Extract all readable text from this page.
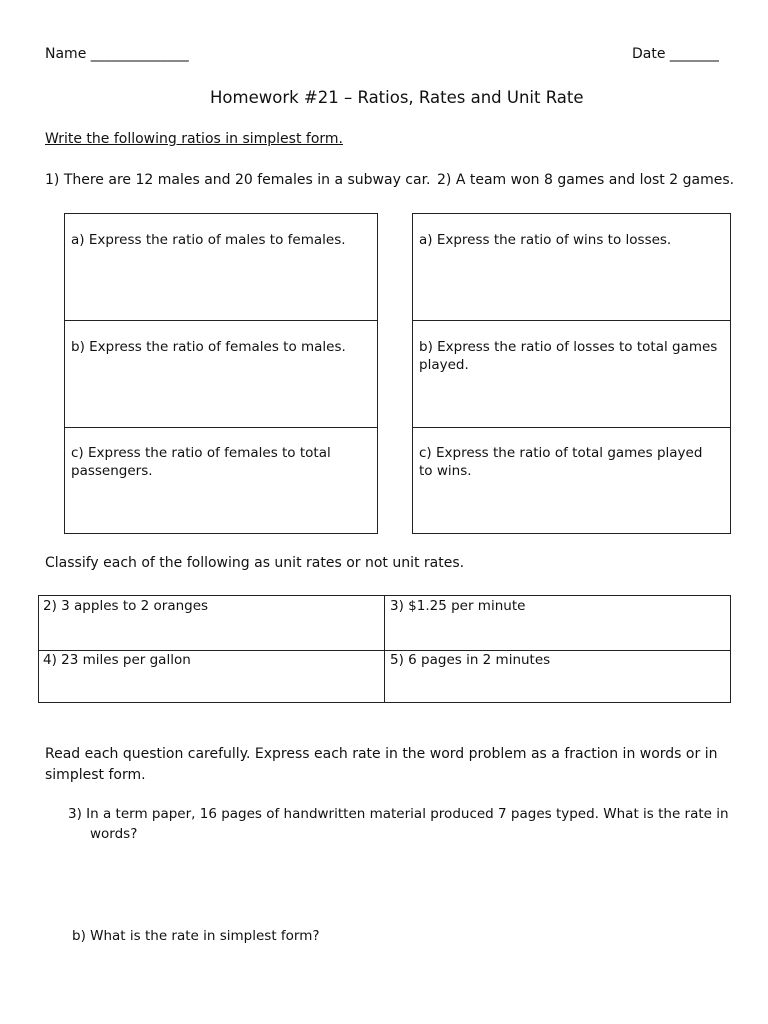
Name ______________	Date _______
Homework #21 – Ratios, Rates and Unit Rate
Write the following ratios in simplest form.
1) There are 12 males and 20 females in a subway car. 2) A team won 8 games and lost 2 games.
a) Express the ratio of males to females.
b) Express the ratio of females to males.
c) Express the ratio of females to total passengers.
a) Express the ratio of wins to losses.
b) Express the ratio of losses to total games played.
c) Express the ratio of total games played to wins.
Classify each of the following as unit rates or not unit rates.
2) 3 apples to 2 oranges	3) $1.25 per minute
4) 23 miles per gallon	5) 6 pages in 2 minutes
Read each question carefully. Express each rate in the word problem as a fraction in words or in simplest form.
3) In a term paper, 16 pages of handwritten material produced 7 pages typed. What is the rate in words?
b) What is the rate in simplest form?
